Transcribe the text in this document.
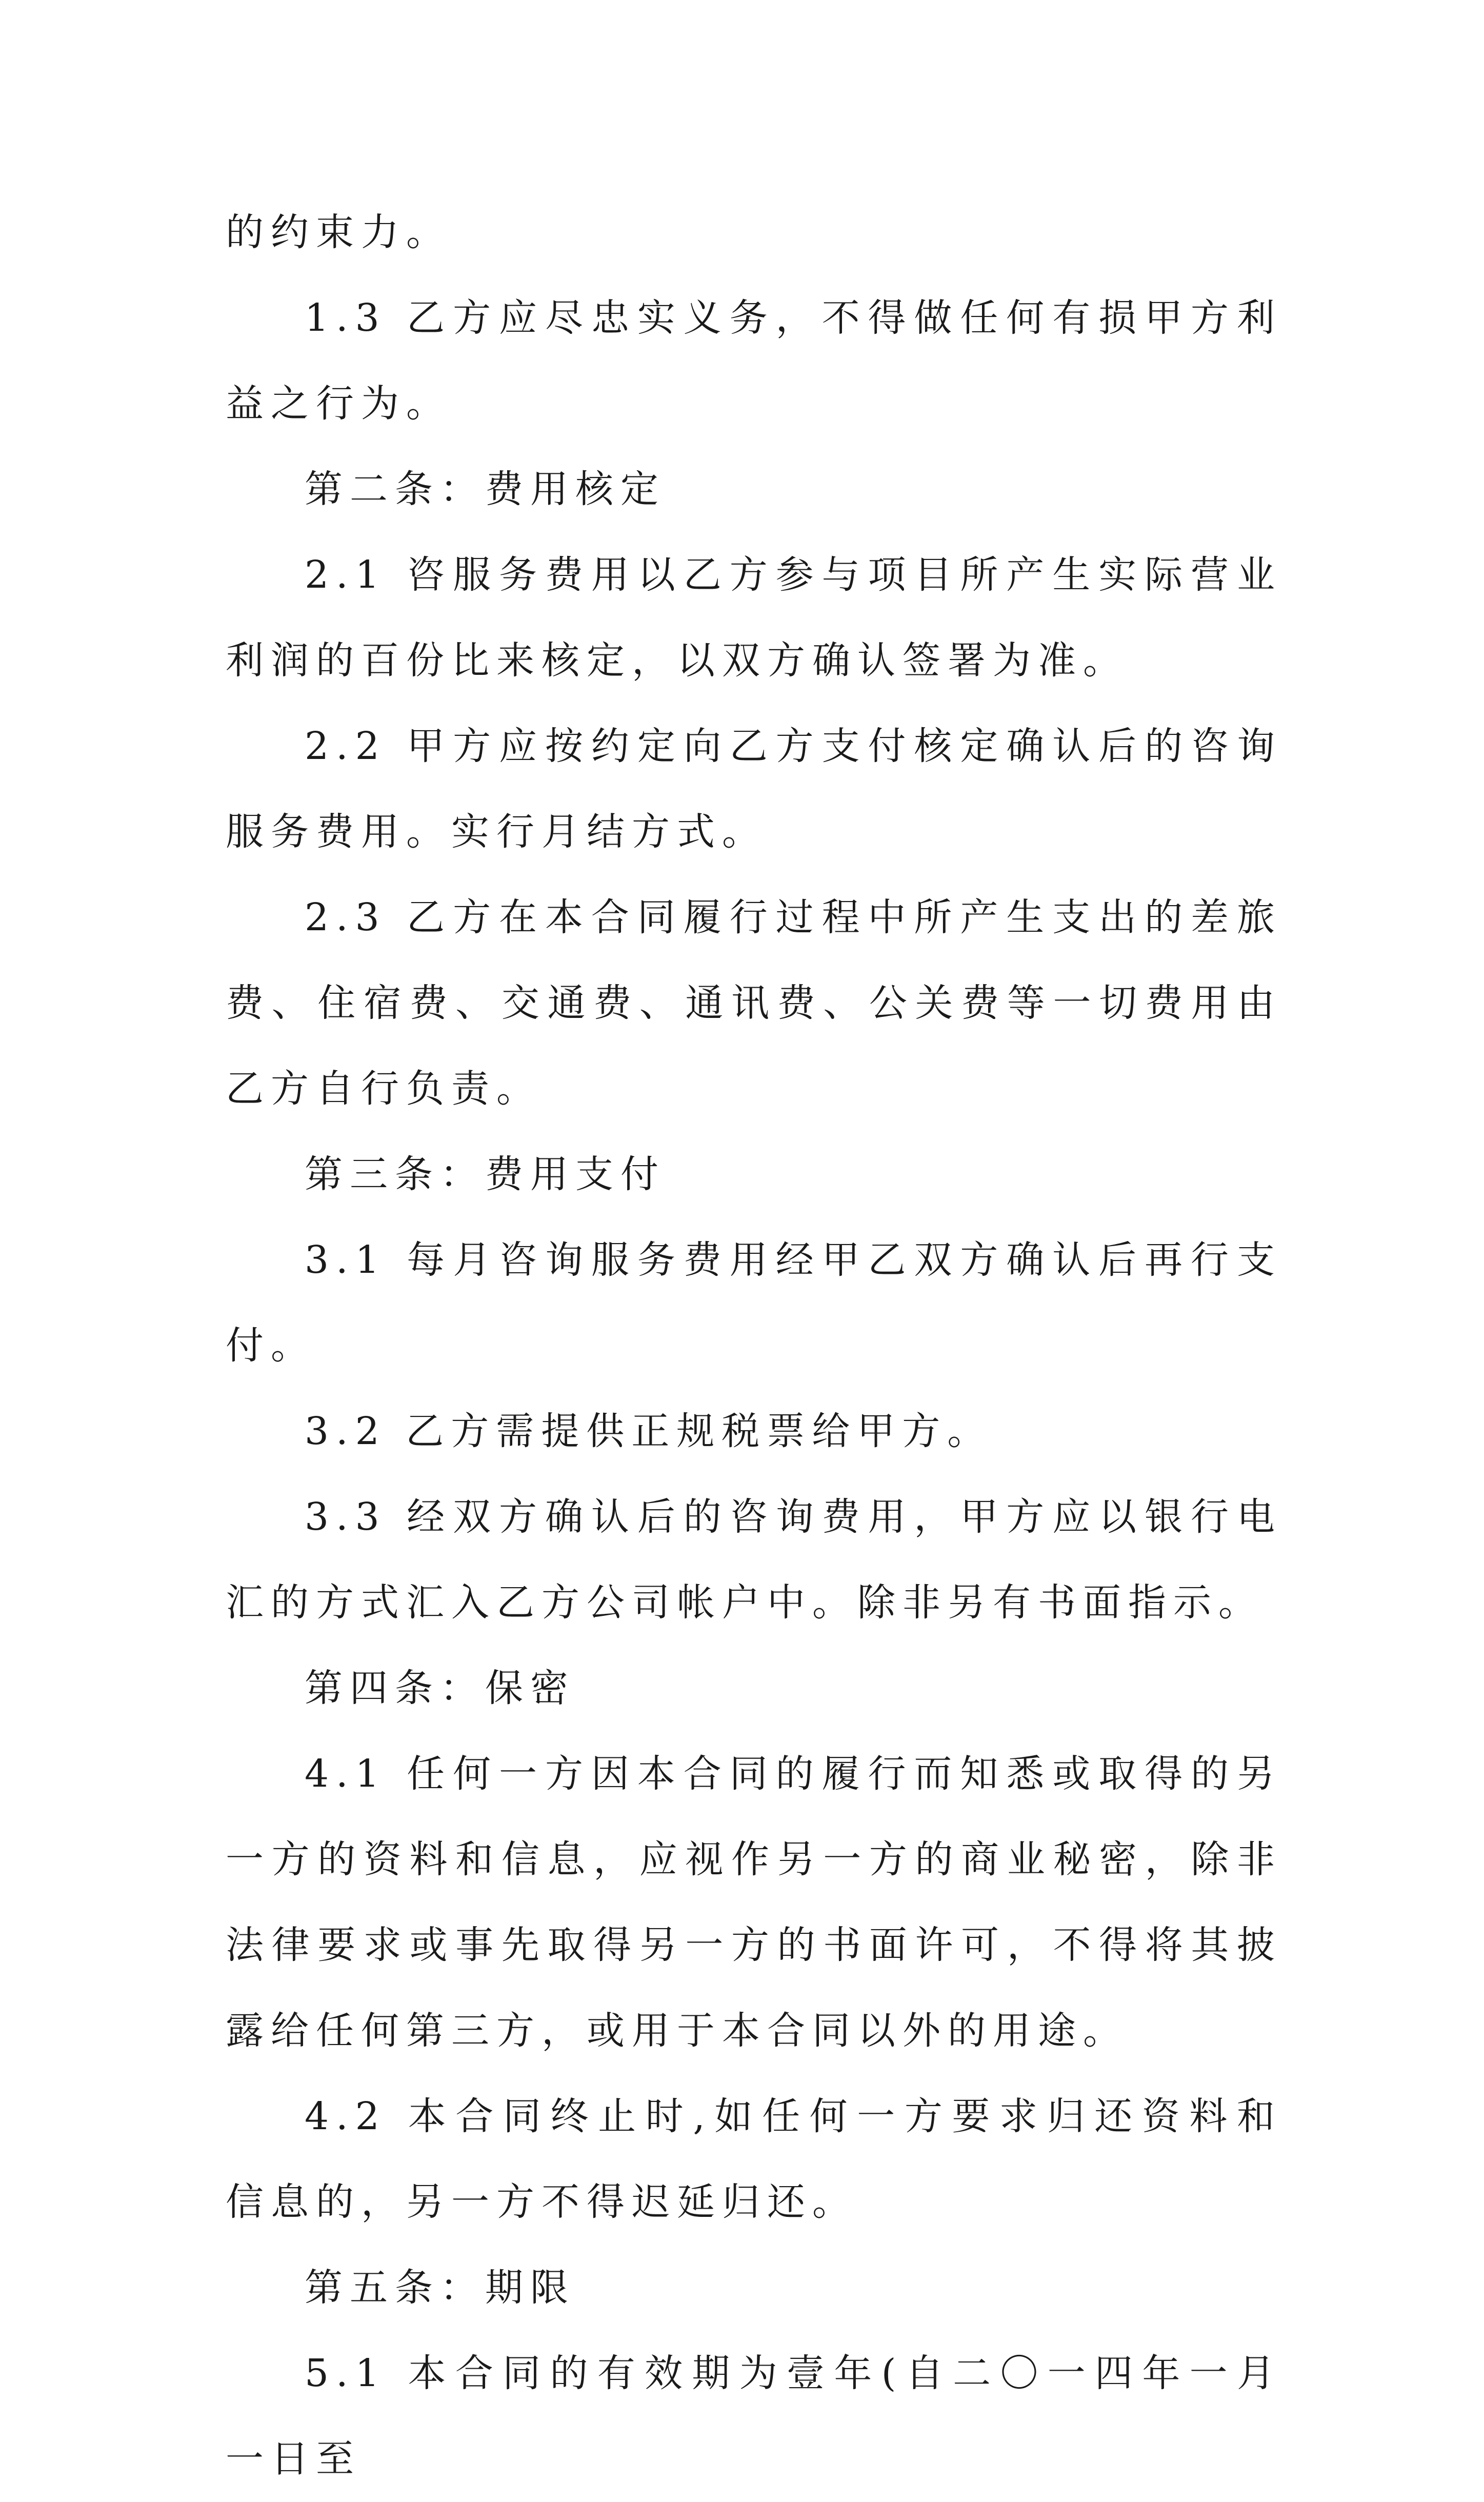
的约束力。

1.3 乙方应尽忠实义务，不得做任何有损甲方利益之行为。

第二条：费用核定

2.1 咨服务费用以乙方参与项目所产生实际营业利润的百份比来核定，以双方确认签署为准。

2.2 甲方应按约定向乙方支付核定确认后的咨询服务费用。实行月结方式。

2.3 乙方在本合同履行过程中所产生支出的差旅费、住宿费、交通费、通讯费、公关费等一切费用由乙方自行负责。

第三条：费用支付

3.1 每月咨询服务费用经甲乙双方确认后再行支付。

3.2 乙方需提供正规税票给甲方。

3.3 经双方确认后的咨询费用，甲方应以银行电汇的方式汇入乙方公司帐户中。除非另有书面指示。

第四条：保密

4.1 任何一方因本合同的履行而知悉或取得的另一方的资料和信息，应视作另一方的商业秘密，除非法律要求或事先取得另一方的书面许可，不得将其披露给任何第三方，或用于本合同以外的用途。

4.2 本合同终止时,如任何一方要求归还资料和信息的，另一方不得迟延归还。

第五条：期限

5.1 本合同的有效期为壹年(自二〇一四年一月一日至
